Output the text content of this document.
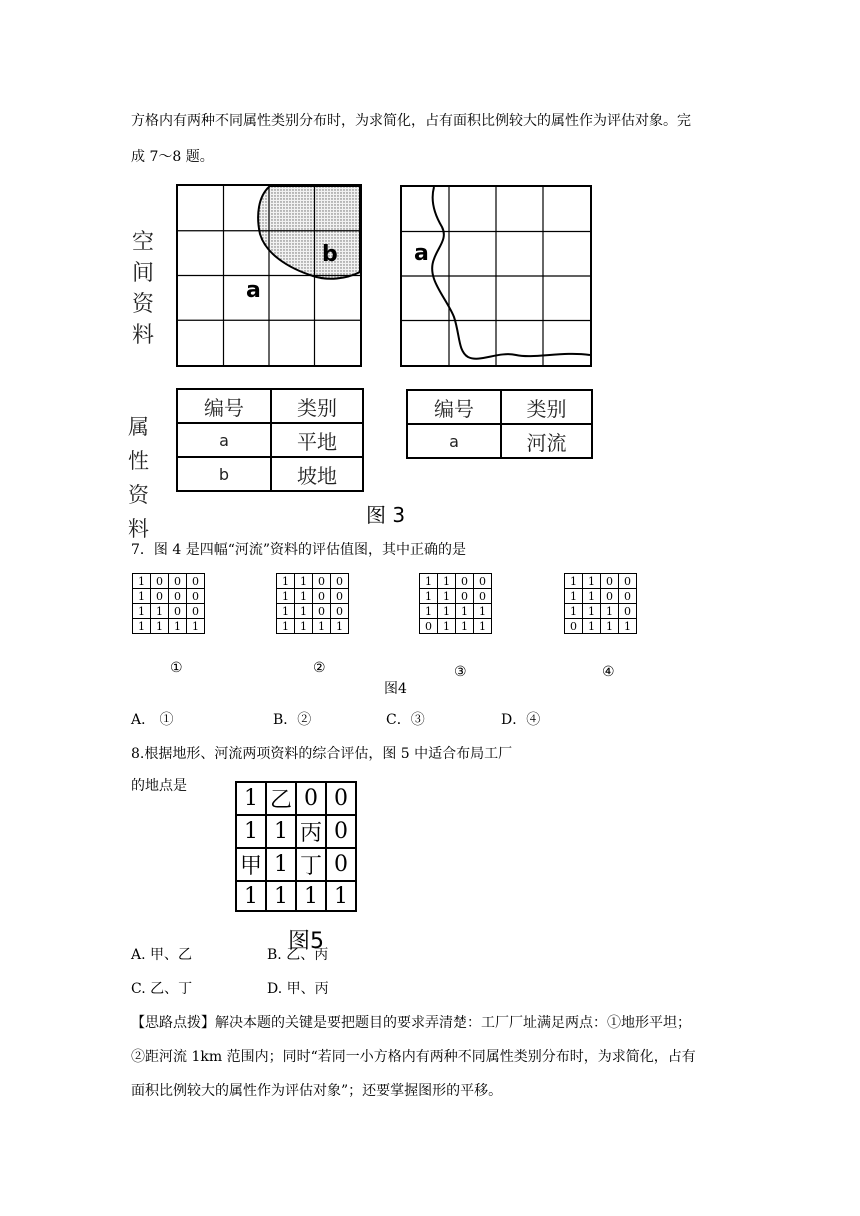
方格内有两种不同属性类别分布时，为求简化，占有面积比例较大的属性作为评估对象。完
成 7～8 题。
空
间
资
料
a
b	a
属 性
资 料
编号	类别
a	平地
b	坡地
编号	类别
a	河流
图 3
7．图 4 是四幅“河流”资料的评估值图，其中正确的是
1	0	0	0
1	0	0	0
1	1	0	0
1	1	1	1
1	1	0	0
1	1	0	0
1	1	0	0
1	1	1	1
1	1	0	0
1	1	0	0
1	1	1	1
0	1	1	1
1	1	0	0
1	1	0	0
1	1	1	0
0	1	1	1
①	②	③	④
图4
A． ①	B．②	C．③	D．④
8.根据地形、河流两项资料的综合评估，图 5 中适合布局工厂
的地点是	1	乙	0	0
1	1	丙	0
甲	1	丁	0
1	1	1	1
图5
A. 甲、乙	B. 乙、丙
C. 乙、丁	D. 甲、丙
【思路点拨】解决本题的关键是要把题目的要求弄清楚：工厂厂址满足两点：①地形平坦；
②距河流 1km 范围内；同时“若同一小方格内有两种不同属性类别分布时，为求简化，占有
面积比例较大的属性作为评估对象”；还要掌握图形的平移。
